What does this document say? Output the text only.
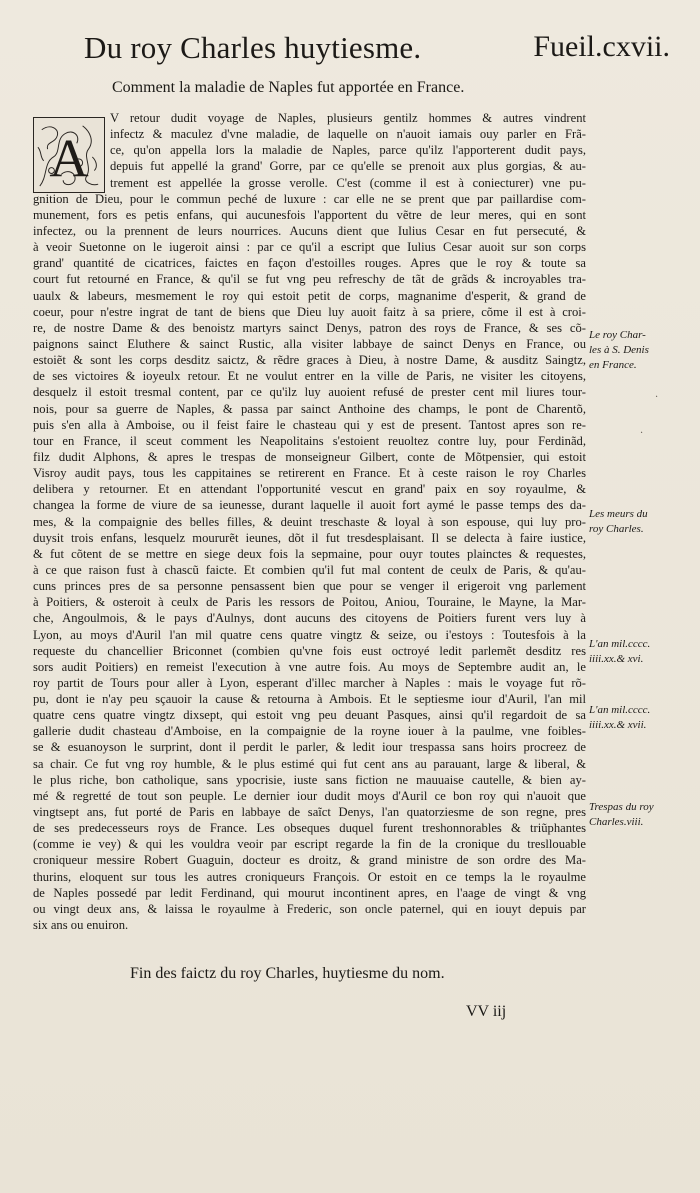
Du roy Charles huytiesme.	Fueil.cxvii.
Comment la maladie de Naples fut apportée en France.
A
V retour dudit voyage de Naples, plusieurs gentilz hommes & autres vindrent
infectz & maculez d'vne maladie, de laquelle on n'auoit iamais ouy parler en Frã-
ce, qu'on appella lors la maladie de Naples, parce qu'ilz l'apporterent dudit pays,
depuis fut appellé la grand' Gorre, par ce qu'elle se prenoit aux plus gorgias, & au-
trement est appellée la grosse verolle. C'est (comme il est à coniecturer) vne pu-
gnition de Dieu, pour le commun peché de luxure : car elle ne se prent que par paillardise com-
munement, fors es petis enfans, qui aucunesfois l'apportent du vẽtre de leur meres, qui en sont
infectez, ou la prennent de leurs nourrices. Aucuns dient que Iulius Cesar en fut persecuté, &
à veoir Suetonne on le iugeroit ainsi : par ce qu'il a escript que Iulius Cesar auoit sur son corps
grand' quantité de cicatrices, faictes en façon d'estoilles rouges. Apres que le roy & toute sa
court fut retourné en France, & qu'il se fut vng peu refreschy de tãt de grãds & incroyables tra-
uaulx & labeurs, mesmement le roy qui estoit petit de corps, magnanime d'esperit, & grand de
coeur, pour n'estre ingrat de tant de biens que Dieu luy auoit faitz à sa priere, cõme il est à croi-
re, de nostre Dame & des benoistz martyrs sainct Denys, patron des roys de France, & ses cõ-
paignons sainct Eluthere & sainct Rustic, alla visiter labbaye de sainct Denys en France, ou
estoiẽt & sont les corps desditz saictz, & rẽdre graces à Dieu, à nostre Dame, & ausditz Saingtz,
de ses victoires & ioyeulx retour. Et ne voulut entrer en la ville de Paris, ne visiter les citoyens,
desquelz il estoit tresmal content, par ce qu'ilz luy auoient refusé de prester cent mil liures tour-
nois, pour sa guerre de Naples, & passa par sainct Anthoine des champs, le pont de Charentõ,
puis s'en alla à Amboise, ou il feist faire le chasteau qui y est de present. Tantost apres son re-
tour en France, il sceut comment les Neapolitains s'estoient reuoltez contre luy, pour Ferdinãd,
filz dudit Alphons, & apres le trespas de monseigneur Gilbert, conte de Mõtpensier, qui estoit
Visroy audit pays, tous les cappitaines se retirerent en France. Et à ceste raison le roy Charles
delibera y retourner. Et en attendant l'opportunité vescut en grand' paix en soy royaulme, &
changea la forme de viure de sa ieunesse, durant laquelle il auoit fort aymé le passe temps des da-
mes, & la compaignie des belles filles, & deuint treschaste & loyal à son espouse, qui luy pro-
duysit trois enfans, lesquelz moururẽt ieunes, dõt il fut tresdesplaisant. Il se delecta à faire iustice,
& fut cõtent de se mettre en siege deux fois la sepmaine, pour ouyr toutes plainctes & requestes,
à ce que raison fust à chascũ faicte. Et combien qu'il fut mal content de ceulx de Paris, & qu'au-
cuns princes pres de sa personne pensassent bien que pour se venger il erigeroit vng parlement
à Poitiers, & osteroit à ceulx de Paris les ressors de Poitou, Aniou, Touraine, le Mayne, la Mar-
che, Angoulmois, & le pays d'Aulnys, dont aucuns des citoyens de Poitiers furent vers luy à
Lyon, au moys d'Auril l'an mil quatre cens quatre vingtz & seize, ou i'estoys : Toutesfois à la
requeste du chancellier Briconnet (combien qu'vne fois eust octroyé ledit parlemẽt desditz res
sors audit Poitiers) en remeist l'execution à vne autre fois. Au moys de Septembre audit an, le
roy partit de Tours pour aller à Lyon, esperant d'illec marcher à Naples : mais le voyage fut rõ-
pu, dont ie n'ay peu sçauoir la cause & retourna à Ambois. Et le septiesme iour d'Auril, l'an mil
quatre cens quatre vingtz dixsept, qui estoit vng peu deuant Pasques, ainsi qu'il regardoit de sa
gallerie dudit chasteau d'Amboise, en la compaignie de la royne iouer à la paulme, vne foibles-
se & esuanoyson le surprint, dont il perdit le parler, & ledit iour trespassa sans hoirs procreez de
sa chair. Ce fut vng roy humble, & le plus estimé qui fut cent ans au parauant, large & liberal, &
le plus riche, bon catholique, sans ypocrisie, iuste sans fiction ne mauuaise cautelle, & bien ay-
mé & regretté de tout son peuple. Le dernier iour dudit moys d'Auril ce bon roy qui n'auoit que
vingtsept ans, fut porté de Paris en labbaye de saĩct Denys, l'an quatorziesme de son regne, pres
de ses predecesseurs roys de France. Les obseques duquel furent treshonnorables & triũphantes
(comme ie vey) & qui les vouldra veoir par escript regarde la fin de la cronique du tresllouable
croniqueur messire Robert Guaguin, docteur es droitz, & grand ministre de son ordre des Ma-
thurins, eloquent sur tous les autres croniqueurs François. Or estoit en ce temps la le royaulme
de Naples possedé par ledit Ferdinand, qui mourut incontinent apres, en l'aage de vingt & vng
ou vingt deux ans, & laissa le royaulme à Frederic, son oncle paternel, qui en iouyt depuis par
six ans ou enuiron.
Le roy Char-
les à S. Denis
en France.
Les meurs du
roy Charles.
L'an mil.cccc.
iiii.xx.& xvi.
L'an mil.cccc.
iiii.xx.& xvii.
Trespas du roy
Charles.viii.
·
·
Fin des faictz du roy Charles, huytiesme du nom.
VV iij
